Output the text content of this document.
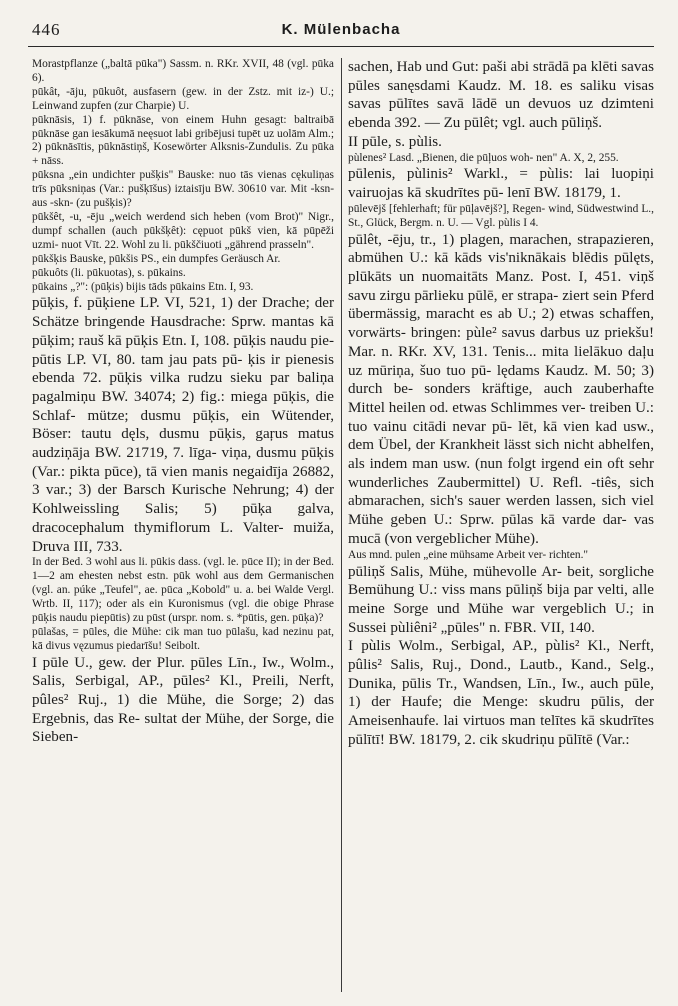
446	K. Mülenbacha

Morastpflanze („baltā pūka") Sassm. n. RKr. XVII, 48 (vgl. pūka 6).

pūkât, -āju, pūkuôt, ausfasern (gew. in der Zstz. mit iz-) U.; Leinwand zupfen (zur Charpie) U.

pūknāsis, 1) f. pūknāse, von einem Huhn gesagt: baltraibā pūknāse gan iesākumā neęsuot labi gribējusi tupēt uz uolām Alm.; 2) pūknāsītis, pūknāstiņš, Kosewörter Alksnis-Zundulis. Zu pūka + nāss.

pūksna „ein undichter pušķis" Bauske: nuo tās vienas cękuliņas trīs pūksniņas (Var.: pušķīšus) iztaisīju BW. 30610 var. Mit -ksn- aus -skn- (zu pušķis)?

pūkšêt, -u, -ēju „weich werdend sich heben (vom Brot)" Nigr., dumpf schallen (auch pūkšķêt): cępuot pūkš vien, kā pūpēži uzmi- nuot Vīt. 22. Wohl zu li. pūkščiuoti „gährend prasseln".

pūkšķis Bauske, pūkšis PS., ein dumpfes Geräusch Ar.

pūkuôts (li. pūkuotas), s. pūkains.

pūkains „?": (pūķis) bijis tāds pūkains Etn. I, 93.

pūķis, f. pūķiene LP. VI, 521, 1) der Drache; der Schätze bringende Hausdrache: Sprw. mantas kā pūķim; rauš kā pūķis Etn. I, 108. pūķis naudu pie- pūtis LP. VI, 80. tam jau pats pū- ķis ir pienesis ebenda 72. pūķis vilka rudzu sieku par baliņa pagalmiņu BW. 34074; 2) fig.: miega pūķis, die Schlaf- mütze; dusmu pūķis, ein Wütender, Böser: tautu dęls, dusmu pūķis, gaŗus matus audziņāja BW. 21719, 7. līga- viņa, dusmu pūķis (Var.: pikta pūce), tā vien manis negaidīja 26882, 3 var.; 3) der Barsch Kurische Nehrung; 4) der Kohlweissling Salis; 5) pūķa galva, dracocephalum thymiflorum L. Valter- muiža, Druva III, 733.

In der Bed. 3 wohl aus li. pūkis dass. (vgl. le. pūce II); in der Bed. 1—2 am ehesten nebst estn. pūk wohl aus dem Germanischen (vgl. an. púke „Teufel", ae. pūca „Kobold" u. a. bei Walde Vergl. Wrtb. II, 117); oder als ein Kuronismus (vgl. die obige Phrase pūķis naudu piepūtis) zu pūst (urspr. nom. s. *pūtis, gen. pūķa)?

pūlašas, = pūles, die Mühe: cik man tuo pūlašu, kad nezinu pat, kā divus vęzumus piedarīšu! Seibolt.

I pūle U., gew. der Plur. pūles Līn., Iw., Wolm., Salis, Serbigal, AP., pūles² Kl., Preili, Nerft, pûles² Ruj., 1) die Mühe, die Sorge; 2) das Ergebnis, das Re- sultat der Mühe, der Sorge, die Sieben-

sachen, Hab und Gut: paši abi strādā pa klēti savas pūles sanęsdami Kaudz. M. 18. es saliku visas savas pūlītes savā lādē un devuos uz dzimteni ebenda 392. — Zu pūlêt; vgl. auch pūliņš.

II pūle, s. pùlis.

pùlenes² Lasd. „Bienen, die pūļuos woh- nen" A. X, 2, 255.

pūlenis, pùlinis² Warkl., = pùlis: lai luopiņi vairuojas kā skudrītes pū- lenī BW. 18179, 1.

pūlevējš [fehlerhaft; für pūļavējš?], Regen- wind, Südwestwind L., St., Glück, Bergm. n. U. — Vgl. pùlis I 4.

pūlêt, -ēju, tr., 1) plagen, marachen, strapazieren, abmühen U.: kā kāds vis'niknākais blēdis pūlęts, plūkāts un nuomaitāts Manz. Post. I, 451. viņš savu zirgu pārlieku pūlē, er strapa- ziert sein Pferd übermässig, maracht es ab U.; 2) etwas schaffen, vorwärts- bringen: pùle² savus darbus uz priekšu! Mar. n. RKr. XV, 131. Tenis... mita lielākuo daļu uz mūriņa, šuo tuo pū- lędams Kaudz. M. 50; 3) durch be- sonders kräftige, auch zauberhafte Mittel heilen od. etwas Schlimmes ver- treiben U.: tuo vainu citādi nevar pū- lēt, kā vien kad usw., dem Übel, der Krankheit lässt sich nicht abhelfen, als indem man usw. (nun folgt irgend ein oft sehr wunderliches Zaubermittel) U. Refl. -tiês, sich abmarachen, sich's sauer werden lassen, sich viel Mühe geben U.: Sprw. pūlas kā varde dar- vas mucā (von vergeblicher Mühe).

Aus mnd. pulen „eine mühsame Arbeit ver- richten."

pūliņš Salis, Mühe, mühevolle Ar- beit, sorgliche Bemühung U.: viss mans pūliņš bija par velti, alle meine Sorge und Mühe war vergeblich U.; in Sussei pùliêni² „pūles" n. FBR. VII, 140.

I pùlis Wolm., Serbigal, AP., pùlis² Kl., Nerft, pûlis² Salis, Ruj., Dond., Lautb., Kand., Selg., Dunika, pūlis Tr., Wandsen, Līn., Iw., auch pūle, 1) der Haufe; die Menge: skudru pūlis, der Ameisenhaufe. lai virtuos man telītes kā skudrītes pūlītī! BW. 18179, 2. cik skudriņu pūlītē (Var.:
